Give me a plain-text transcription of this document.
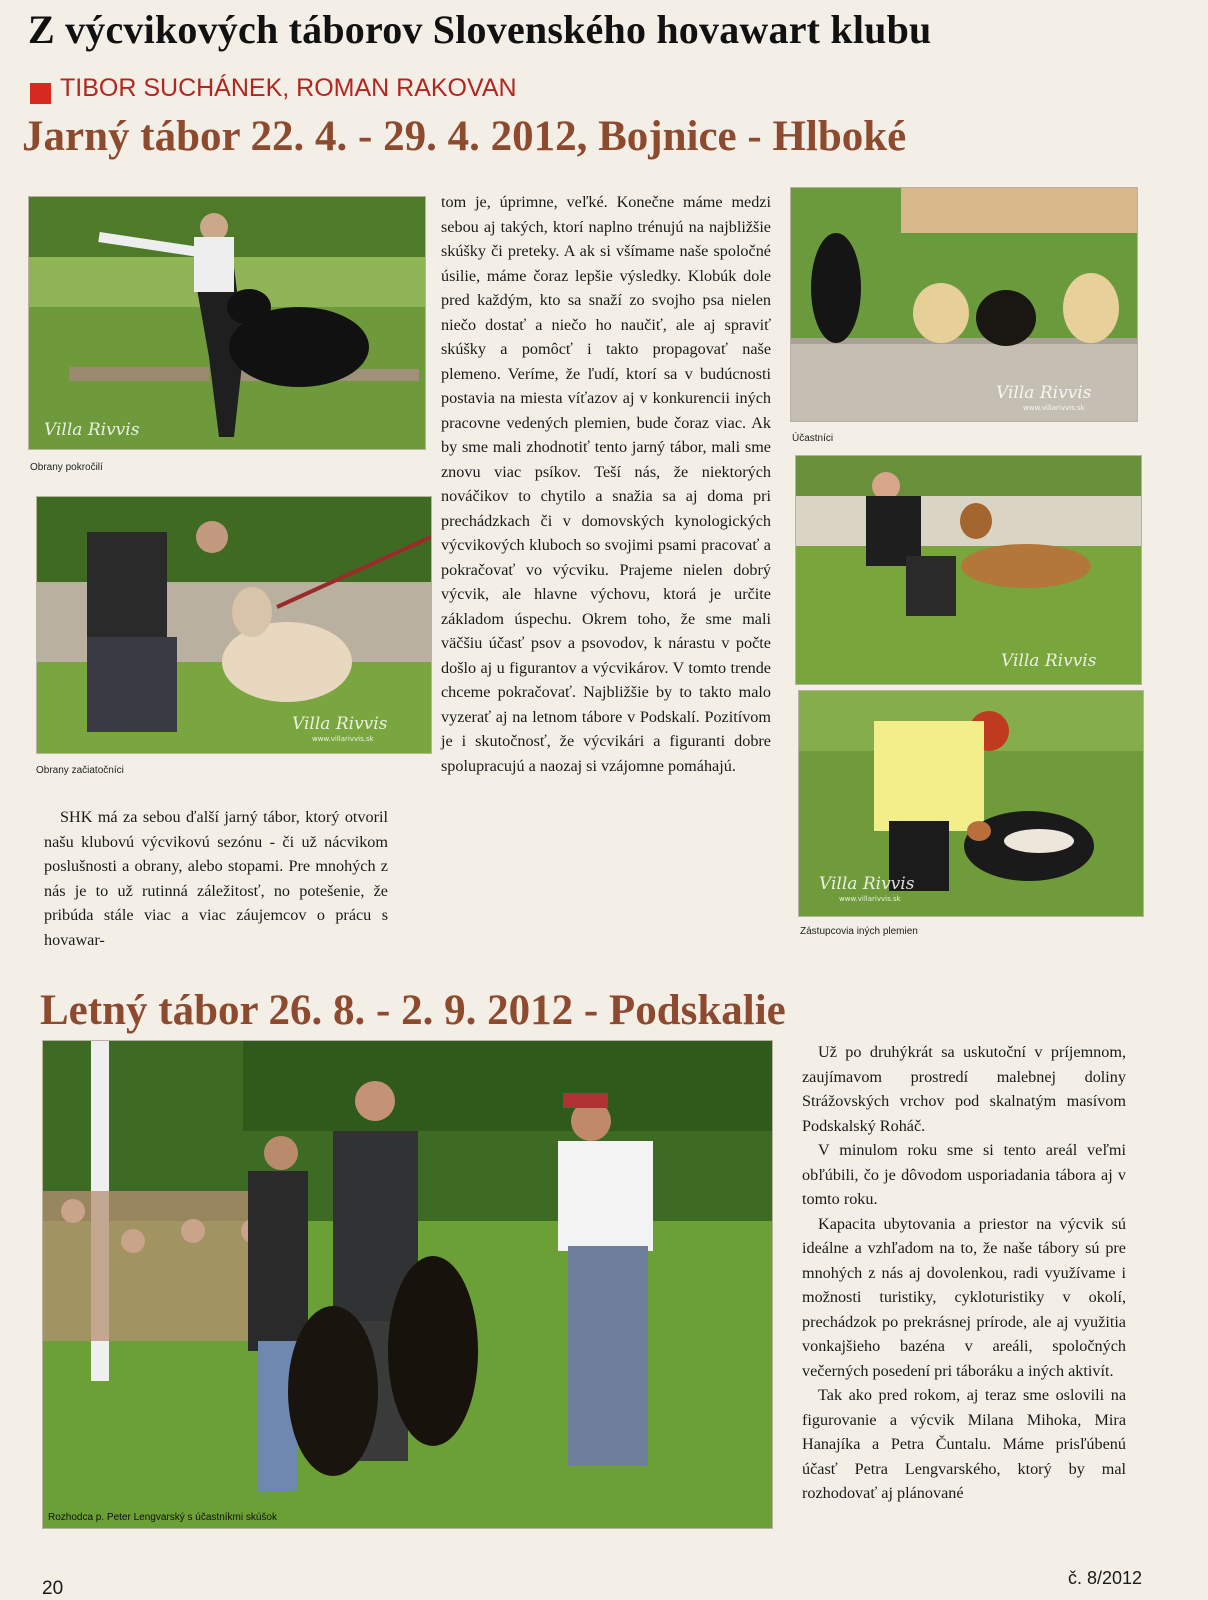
Z výcvikových táborov Slovenského hovawart klubu
TIBOR SUCHÁNEK, ROMAN RAKOVAN
Jarný tábor 22. 4. - 29. 4. 2012, Bojnice - Hlboké
Villa Rivvis
Obrany pokročilí
Villa Rivvis
www.villarivvis.sk
Obrany začiatočníci

SHK má za sebou ďalší jarný tábor, ktorý otvoril našu klubovú výcvikovú sezónu - či už nácvikom poslušnosti a obrany, alebo stopami. Pre mnohých z nás je to už rutinná záležitosť, no potešenie, že pribúda stále viac a viac záujemcov o prácu s hovawar-

tom je, úprimne, veľké. Konečne máme medzi sebou aj takých, ktorí naplno trénujú na najbližšie skúšky či preteky. A ak si všímame naše spoločné úsilie, máme čoraz lepšie výsledky. Klobúk dole pred každým, kto sa snaží zo svojho psa nielen niečo dostať a niečo ho naučiť, ale aj spraviť skúšky a pomôcť i takto propagovať naše plemeno. Veríme, že ľudí, ktorí sa v budúcnosti postavia na miesta víťazov aj v konkurencii iných pracovne vedených plemien, bude čoraz viac. Ak by sme mali zhodnotiť tento jarný tábor, mali sme znovu viac psíkov. Teší nás, že niektorých nováčikov to chytilo a snažia sa aj doma pri prechádzkach či v domovských kynologických výcvikových kluboch so svojimi psami pracovať a pokračovať vo výcviku. Prajeme nielen dobrý výcvik, ale hlavne výchovu, ktorá je určite základom úspechu. Okrem toho, že sme mali väčšiu účasť psov a psovodov, k nárastu v počte došlo aj u figurantov a výcvikárov. V tomto trende chceme pokračovať. Najbližšie by to takto malo vyzerať aj na letnom tábore v Podskalí. Pozitívom je i skutočnosť, že výcvikári a figuranti dobre spolupracujú a naozaj si vzájomne pomáhajú.

Villa Rivvis
www.villarivvis.sk
Účastníci
Villa Rivvis
Villa Rivvis
www.villarivvis.sk
Zástupcovia iných plemien
Letný tábor 26. 8. - 2. 9. 2012 - Podskalie
Rozhodca p. Peter Lengvarský s účastníkmi skúšok

Už po druhýkrát sa uskutoční v príjemnom, zaujímavom prostredí malebnej doliny Strážovských vrchov pod skalnatým masívom Podskalský Roháč.

V minulom roku sme si tento areál veľmi obľúbili, čo je dôvodom usporiadania tábora aj v tomto roku.

Kapacita ubytovania a priestor na výcvik sú ideálne a vzhľadom na to, že naše tábory sú pre mnohých z nás aj dovolenkou, radi využívame i možnosti turistiky, cykloturistiky v okolí, prechádzok po prekrásnej prírode, ale aj využitia vonkajšieho bazéna v areáli, spoločných večerných posedení pri táboráku a iných aktivít.

Tak ako pred rokom, aj teraz sme oslovili na figurovanie a výcvik Milana Mihoka, Mira Hanajíka a Petra Čuntalu. Máme prisľúbenú účasť Petra Lengvarského, ktorý by mal rozhodovať aj plánované

20	č. 8/2012
